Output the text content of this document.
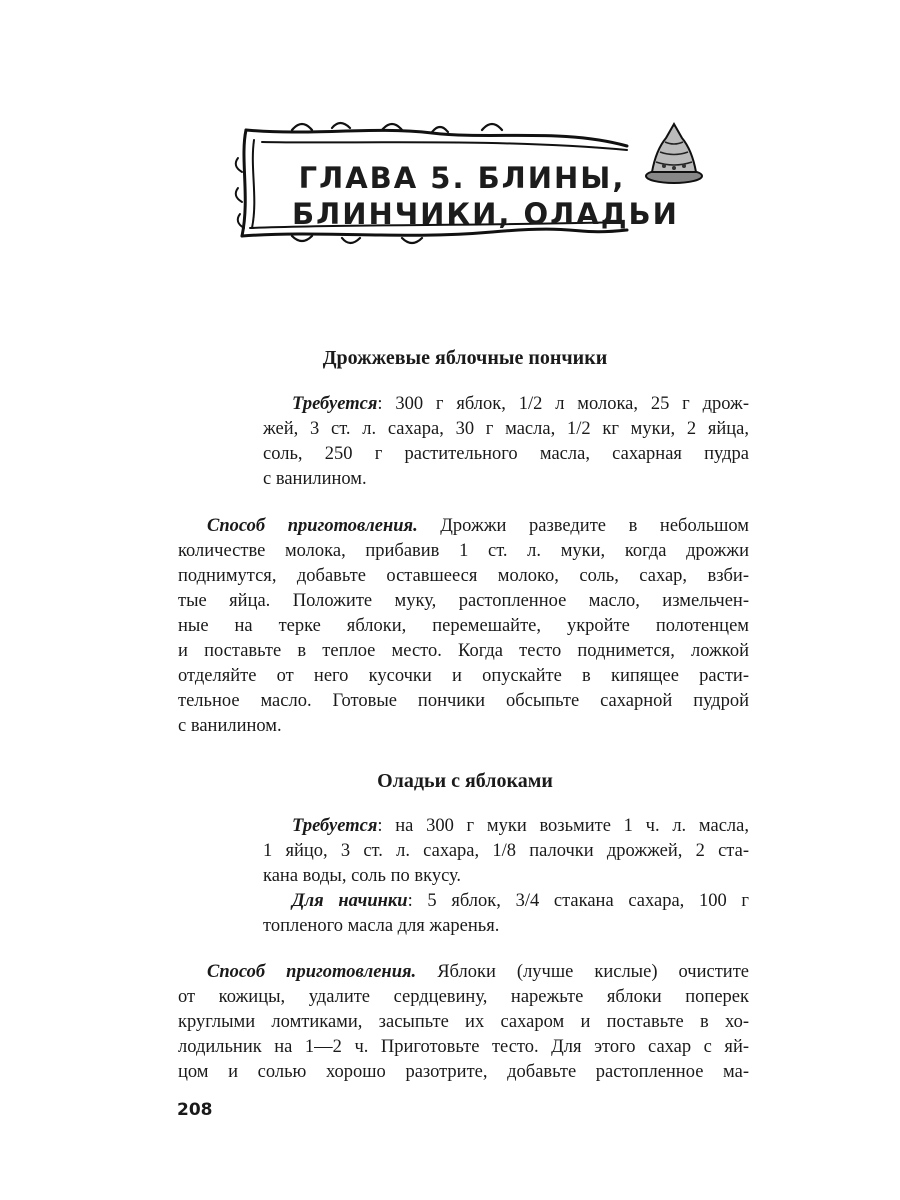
ГЛАВА 5. БЛИНЫ,
БЛИНЧИКИ, ОЛАДЬИ
Дрожжевые яблочные пончики
Требуется: 300 г яблок, 1/2 л молока, 25 г дрож-
жей, 3 ст. л. сахара, 30 г масла, 1/2 кг муки, 2 яйца,
соль, 250 г растительного масла, сахарная пудра
с ванилином.
Способ приготовления. Дрожжи разведите в небольшом
количестве молока, прибавив 1 ст. л. муки, когда дрожжи
поднимутся, добавьте оставшееся молоко, соль, сахар, взби-
тые яйца. Положите муку, растопленное масло, измельчен-
ные на терке яблоки, перемешайте, укройте полотенцем
и поставьте в теплое место. Когда тесто поднимется, ложкой
отделяйте от него кусочки и опускайте в кипящее расти-
тельное масло. Готовые пончики обсыпьте сахарной пудрой
с ванилином.
Оладьи с яблоками
Требуется: на 300 г муки возьмите 1 ч. л. масла,
1 яйцо, 3 ст. л. сахара, 1/8 палочки дрожжей, 2 ста-
кана воды, соль по вкусу.
Для начинки: 5 яблок, 3/4 стакана сахара, 100 г
топленого масла для жаренья.
Способ приготовления. Яблоки (лучше кислые) очистите
от кожицы, удалите сердцевину, нарежьте яблоки поперек
круглыми ломтиками, засыпьте их сахаром и поставьте в хо-
лодильник на 1—2 ч. Приготовьте тесто. Для этого сахар с яй-
цом и солью хорошо разотрите, добавьте растопленное ма-
208
